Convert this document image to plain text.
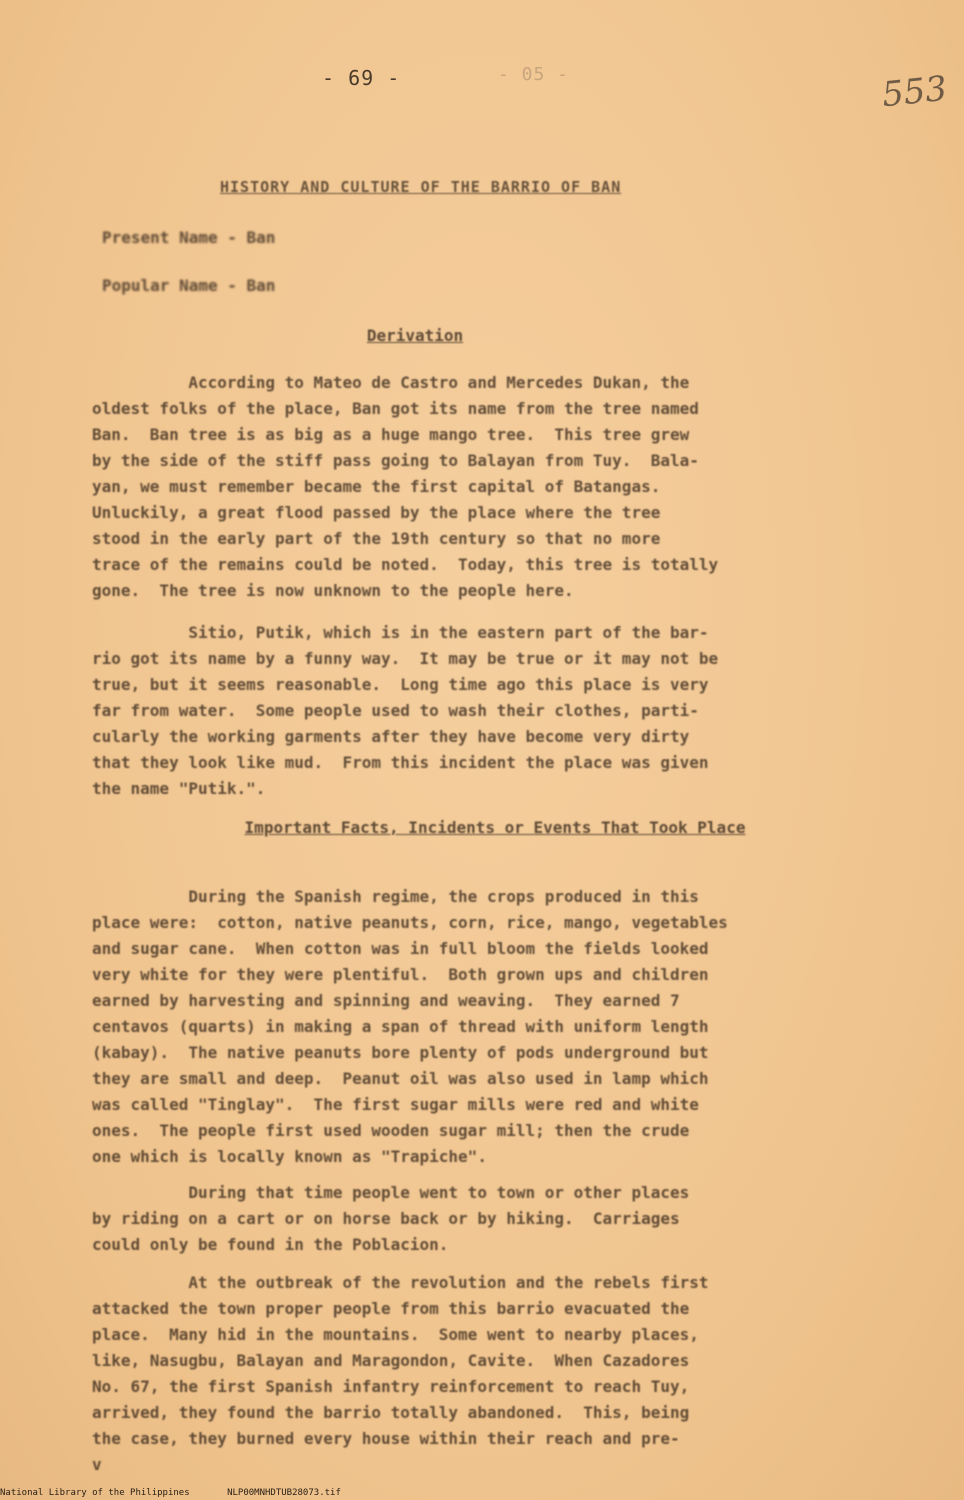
- 69 -	- 05 -	553
HISTORY AND CULTURE OF THE BARRIO OF BAN
Present Name - Ban
Popular Name - Ban
Derivation
According to Mateo de Castro and Mercedes Dukan, the
oldest folks of the place, Ban got its name from the tree named
Ban.  Ban tree is as big as a huge mango tree.  This tree grew
by the side of the stiff pass going to Balayan from Tuy.  Bala-
yan, we must remember became the first capital of Batangas.
Unluckily, a great flood passed by the place where the tree
stood in the early part of the 19th century so that no more
trace of the remains could be noted.  Today, this tree is totally
gone.  The tree is now unknown to the people here.
Sitio, Putik, which is in the eastern part of the bar-
rio got its name by a funny way.  It may be true or it may not be
true, but it seems reasonable.  Long time ago this place is very
far from water.  Some people used to wash their clothes, parti-
cularly the working garments after they have become very dirty
that they look like mud.  From this incident the place was given
the name "Putik.".
Important Facts, Incidents or Events That Took Place
During the Spanish regime, the crops produced in this
place were:  cotton, native peanuts, corn, rice, mango, vegetables
and sugar cane.  When cotton was in full bloom the fields looked
very white for they were plentiful.  Both grown ups and children
earned by harvesting and spinning and weaving.  They earned 7
centavos (quarts) in making a span of thread with uniform length
(kabay).  The native peanuts bore plenty of pods underground but
they are small and deep.  Peanut oil was also used in lamp which
was called "Tinglay".  The first sugar mills were red and white
ones.  The people first used wooden sugar mill; then the crude
one which is locally known as "Trapiche".
During that time people went to town or other places
by riding on a cart or on horse back or by hiking.  Carriages
could only be found in the Poblacion.
At the outbreak of the revolution and the rebels first
attacked the town proper people from this barrio evacuated the
place.  Many hid in the mountains.  Some went to nearby places,
like, Nasugbu, Balayan and Maragondon, Cavite.  When Cazadores
No. 67, the first Spanish infantry reinforcement to reach Tuy,
arrived, they found the barrio totally abandoned.  This, being
the case, they burned every house within their reach and pre-
v
National Library of the Philippines	NLP00MNHDTUB28073.tif
